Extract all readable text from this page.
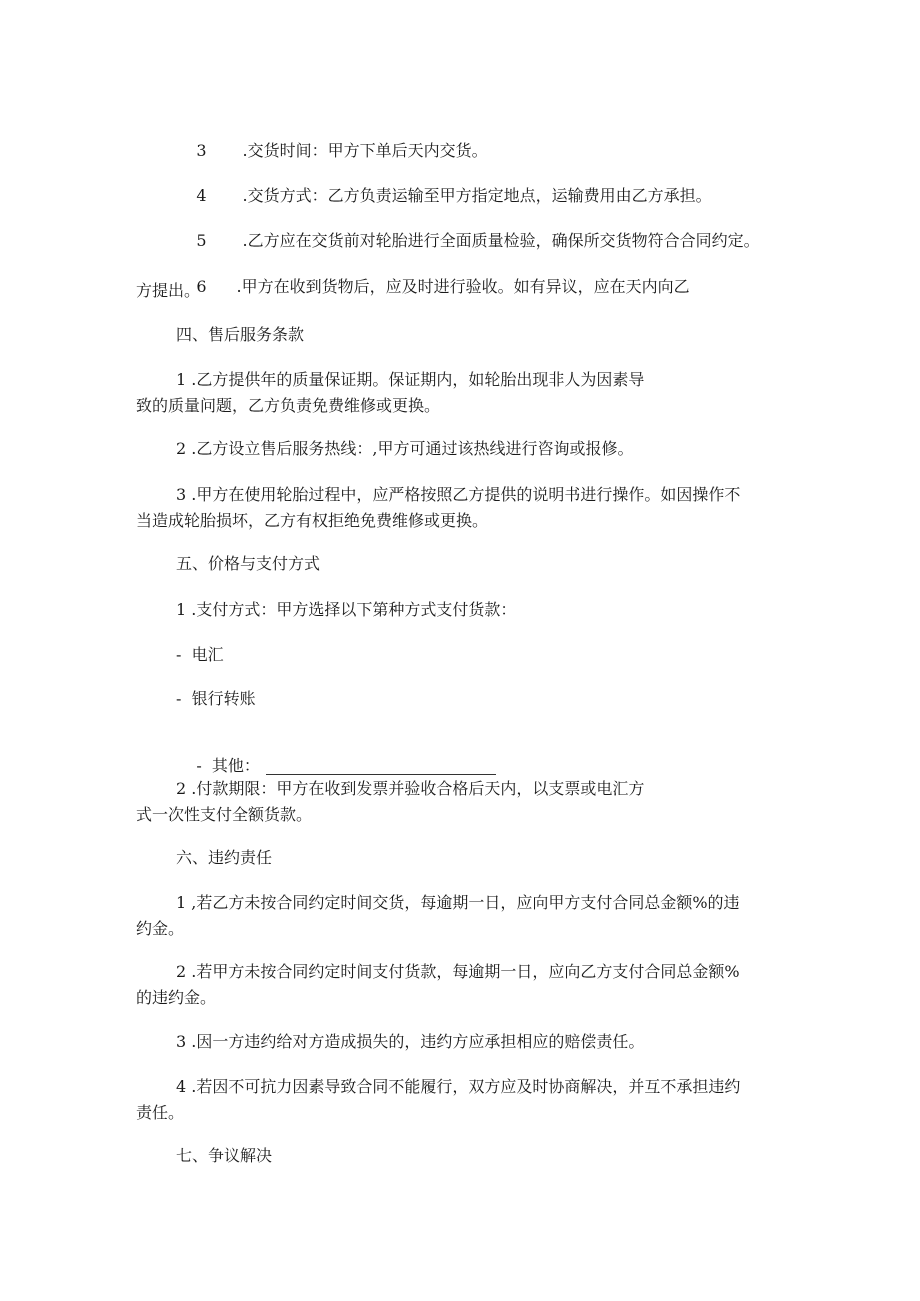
3 .交货时间：甲方下单后天内交货。

4 .交货方式：乙方负责运输至甲方指定地点，运输费用由乙方承担。

5 .乙方应在交货前对轮胎进行全面质量检验，确保所交货物符合合同约定。

6 .甲方在收到货物后，应及时进行验收。如有异议，应在天内向乙

方提出。
四、售后服务条款
1 .乙方提供年的质量保证期。保证期内，如轮胎出现非人为因素导
致的质量问题，乙方负责免费维修或更换。
2 .乙方设立售后服务热线：,甲方可通过该热线进行咨询或报修。
3 .甲方在使用轮胎过程中，应严格按照乙方提供的说明书进行操作。如因操作不
当造成轮胎损坏，乙方有权拒绝免费维修或更换。
五、价格与支付方式
1 .支付方式：甲方选择以下第种方式支付货款：
-  电汇
-  银行转账

-  其他：

2 .付款期限：甲方在收到发票并验收合格后天内，以支票或电汇方
式一次性支付全额货款。
六、违约责任
1 ,若乙方未按合同约定时间交货，每逾期一日，应向甲方支付合同总金额%的违
约金。
2 .若甲方未按合同约定时间支付货款，每逾期一日，应向乙方支付合同总金额%
的违约金。
3 .因一方违约给对方造成损失的，违约方应承担相应的赔偿责任。
4 .若因不可抗力因素导致合同不能履行，双方应及时协商解决，并互不承担违约
责任。
七、争议解决
